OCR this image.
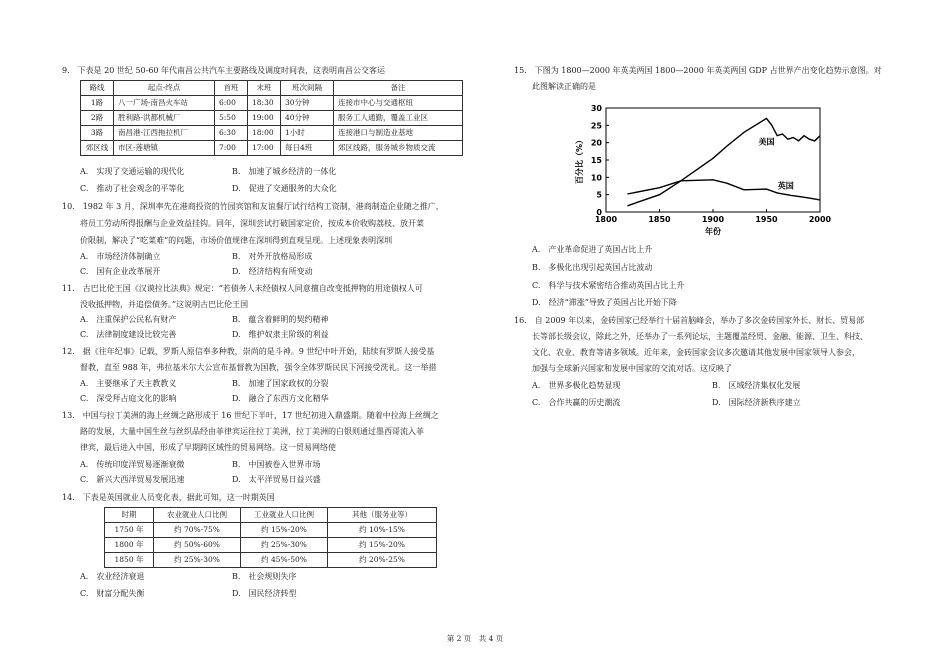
9.　下表是 20 世纪 50-60 年代南昌公共汽车主要路线及调度时间表，这表明南昌公交客运
路线	起点-终点	首班	末班	班次间隔	备注
1路	八一广场-南昌火车站	6:00	18:30	30分钟	连接市中心与交通枢纽
2路	胜利路-洪都机械厂	5:50	19:00	40分钟	服务工人通勤，覆盖工业区
3路	南昌港-江西拖拉机厂	6:30	18:00	1小时	连接港口与制造业基地
郊区线	市区-莲塘镇	7:00	17:00	每日4班	郊区线路，服务城乡物质交流
A.　实现了交通运输的现代化	B.　加速了城乡经济的一体化
C.　推动了社会观念的平等化	D.　促进了交通服务的大众化
10.　1982 年 3 月，深圳率先在港商投资的竹园宾馆和友谊餐厅试行结构工资制，港商制造企业随之推广，
将员工劳动所得报酬与企业效益挂钩。同年，深圳尝试打破国家定价，按成本价收购荔枝、放开菜
价限制，解决了“吃菜难”的问题，市场价值规律在深圳得到直观呈现。上述现象表明深圳
A.　市场经济体制确立	B.　对外开放格局形成
C.　国有企业改革展开	D.　经济结构有所变动
11.　古巴比伦王国《汉谟拉比法典》规定：“若债务人未经债权人同意擅自改变抵押物的用途债权人可
没收抵押物，并追偿债务。”这说明古巴比伦王国
A.　注重保护公民私有财产	B.　蕴含着鲜明的契约精神
C.　法律制度建设比较完善	D.　维护奴隶主阶级的利益
12.　据《往年纪事》记载，罗斯人原信奉多种教，崇尚的是斗神。9 世纪中叶开始，陆续有罗斯人接受基
督教，直至 988 年，弗拉基米尔大公宣布基督教为国教，强令全体罗斯民民下河接受洗礼。这一举措
A.　主要继承了天主教教义	B.　加速了国家政权的分裂
C.　深受拜占庭文化的影响	D.　融合了东西方文化精华
13.　中国与拉丁美洲的海上丝绸之路形成于 16 世纪下半叶，17 世纪初进入鼎盛期。随着中拉海上丝绸之
路的发展，大量中国生丝与丝织品经由菲律宾运往拉丁美洲，拉丁美洲的白银则通过墨西哥流入菲
律宾，最后进入中国，形成了早期跨区域性的贸易网络。这一贸易网络使
A.　传统印度洋贸易逐渐衰微	B.　中国被卷入世界市场
C.　新兴大西洋贸易发展迅速	D.　太平洋贸易日益兴盛
14.　下表是英国就业人员变化表，据此可知，这一时期英国
时期	农业就业人口比例	工业就业人口比例	其他（服务业等）
1750 年	约 70%-75%	约 15%-20%	约 10%-15%
1800 年	约 50%-60%	约 25%-30%	约 15%-20%
1850 年	约 25%-30%	约 45%-50%	约 20%-25%
A.　农业经济衰退	B.　社会规则失序
C.　财富分配失衡	D.　国民经济转型
15.　下图为 1800—2000 年英美两国 1800—2000 年英美两国 GDP 占世界产出变化趋势示意图。对
此图解读正确的是
1800	1850	1900	1950	2000
0
5
10
15
20
25
30
美国
英国
百分比（%）
年份
A.　产业革命促进了英国占比上升
B.　多极化出现引起英国占比波动
C.　科学与技术紧密结合推动英国占比上升
D.　经济“滞涨”导致了英国占比开始下降
16.　自 2009 年以来，金砖国家已经举行十届首脑峰会，举办了多次金砖国家外长、财长、贸易部
长等部长级会议，除此之外，还举办了一系列论坛，主题覆盖经贸、金融、能源、卫生、科技、
文化、农业、教育等诸多领域。近年来，金砖国家会议多次邀请其他发展中国家领导人参会，
加强与全球新兴国家和发展中国家的交流对话。这反映了
A.　世界多极化趋势显现	B.　区域经济集权化发展
C.　合作共赢的历史潮流	D.　国际经济新秩序建立
第 2 页　共 4 页
